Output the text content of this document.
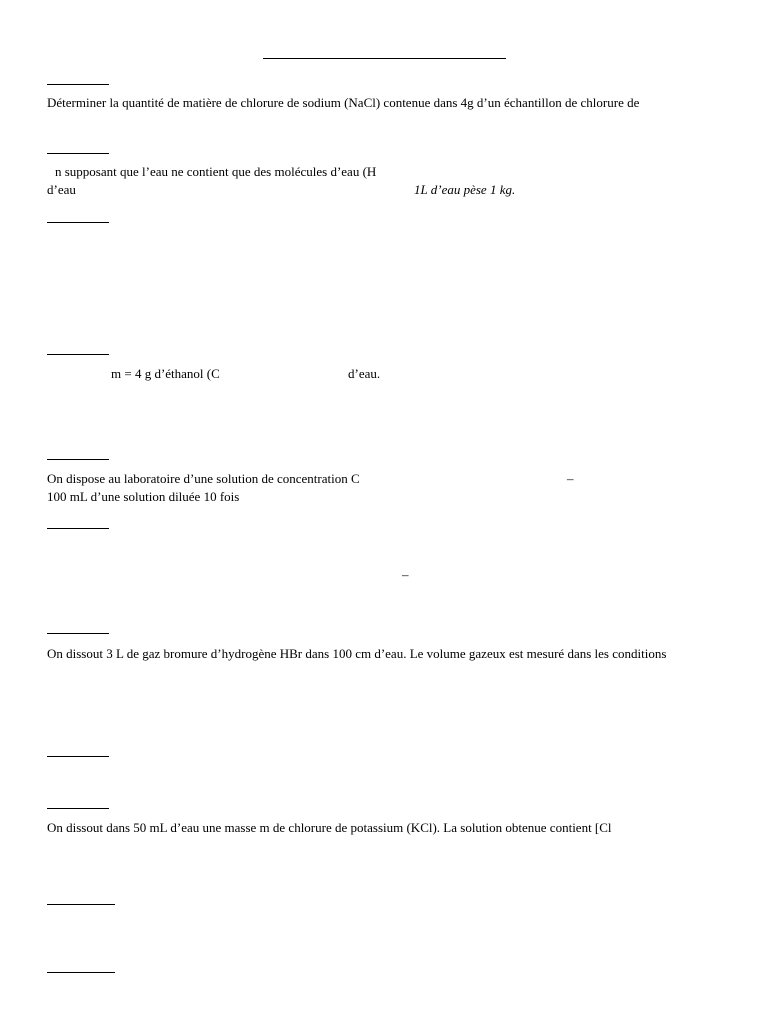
Déterminer la quantité de matière de chlorure de sodium (NaCl) contenue dans 4g d’un échantillon de chlorure de
n supposant que l’eau ne contient que des molécules d’eau (H
d’eau	1L d’eau pèse 1 kg.
m = 4 g d’éthanol (C	d’eau.
On dispose au laboratoire d’une solution de concentration C	–
100 mL d’une solution diluée 10 fois
–
On dissout 3 L de gaz bromure d’hydrogène HBr dans 100 cm d’eau. Le volume gazeux est mesuré dans les conditions
On dissout dans 50 mL d’eau une masse m de chlorure de potassium (KCl). La solution obtenue contient [Cl
